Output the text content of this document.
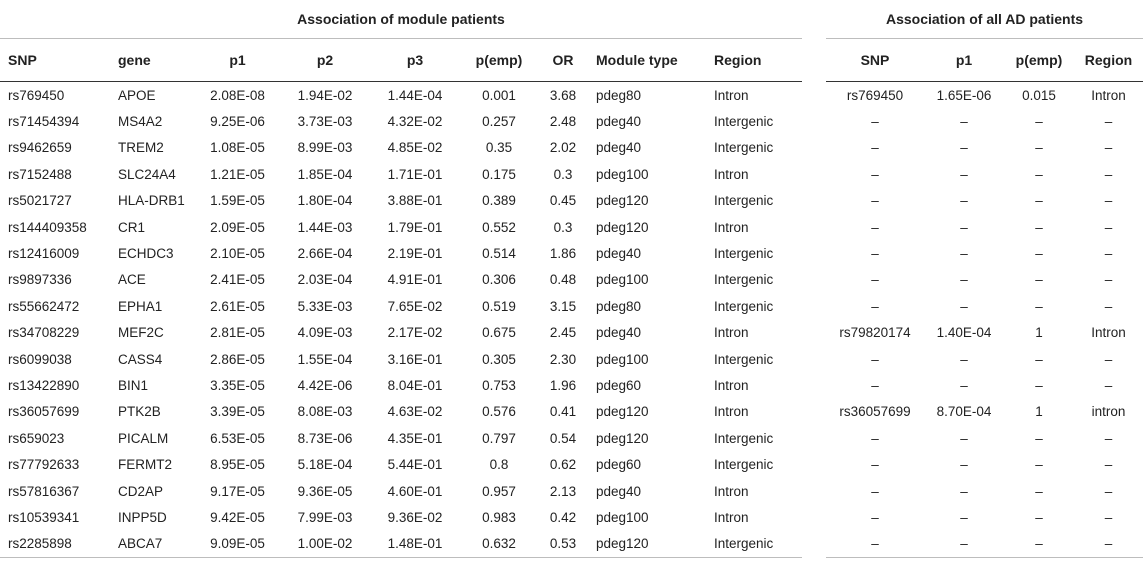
Association of module patients										Association of all AD patients			
SNP	gene	p1	p2	p3	p(emp)	OR	Module type	Region		SNP	p1	p(emp)	Region
rs769450	APOE	2.08E-08	1.94E-02	1.44E-04	0.001	3.68	pdeg80	Intron		rs769450	1.65E-06	0.015	Intron
rs71454394	MS4A2	9.25E-06	3.73E-03	4.32E-02	0.257	2.48	pdeg40	Intergenic		–	–	–	–
rs9462659	TREM2	1.08E-05	8.99E-03	4.85E-02	0.35	2.02	pdeg40	Intergenic		–	–	–	–
rs7152488	SLC24A4	1.21E-05	1.85E-04	1.71E-01	0.175	0.3	pdeg100	Intron		–	–	–	–
rs5021727	HLA-DRB1	1.59E-05	1.80E-04	3.88E-01	0.389	0.45	pdeg120	Intergenic		–	–	–	–
rs144409358	CR1	2.09E-05	1.44E-03	1.79E-01	0.552	0.3	pdeg120	Intron		–	–	–	–
rs12416009	ECHDC3	2.10E-05	2.66E-04	2.19E-01	0.514	1.86	pdeg40	Intergenic		–	–	–	–
rs9897336	ACE	2.41E-05	2.03E-04	4.91E-01	0.306	0.48	pdeg100	Intergenic		–	–	–	–
rs55662472	EPHA1	2.61E-05	5.33E-03	7.65E-02	0.519	3.15	pdeg80	Intergenic		–	–	–	–
rs34708229	MEF2C	2.81E-05	4.09E-03	2.17E-02	0.675	2.45	pdeg40	Intron		rs79820174	1.40E-04	1	Intron
rs6099038	CASS4	2.86E-05	1.55E-04	3.16E-01	0.305	2.30	pdeg100	Intergenic		–	–	–	–
rs13422890	BIN1	3.35E-05	4.42E-06	8.04E-01	0.753	1.96	pdeg60	Intron		–	–	–	–
rs36057699	PTK2B	3.39E-05	8.08E-03	4.63E-02	0.576	0.41	pdeg120	Intron		rs36057699	8.70E-04	1	intron
rs659023	PICALM	6.53E-05	8.73E-06	4.35E-01	0.797	0.54	pdeg120	Intergenic		–	–	–	–
rs77792633	FERMT2	8.95E-05	5.18E-04	5.44E-01	0.8	0.62	pdeg60	Intergenic		–	–	–	–
rs57816367	CD2AP	9.17E-05	9.36E-05	4.60E-01	0.957	2.13	pdeg40	Intron		–	–	–	–
rs10539341	INPP5D	9.42E-05	7.99E-03	9.36E-02	0.983	0.42	pdeg100	Intron		–	–	–	–
rs2285898	ABCA7	9.09E-05	1.00E-02	1.48E-01	0.632	0.53	pdeg120	Intergenic		–	–	–	–
